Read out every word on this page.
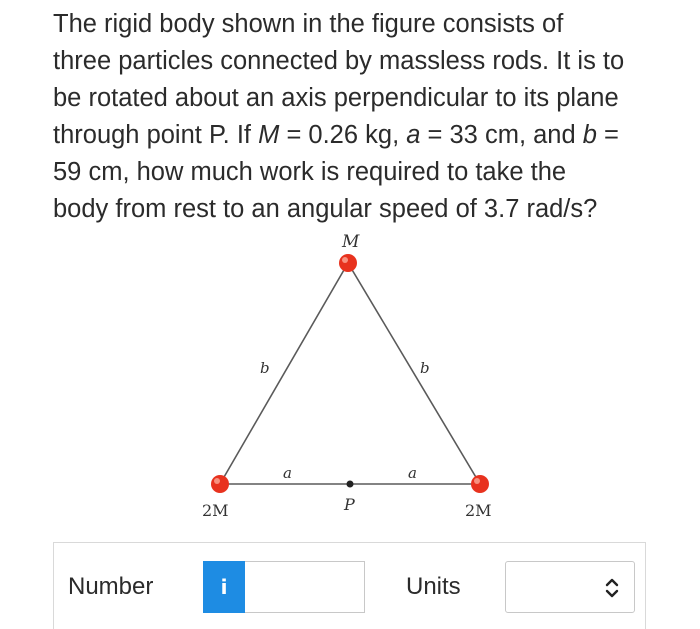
The rigid body shown in the figure consists of
three particles connected by massless rods. It is to
be rotated about an axis perpendicular to its plane
through point P. If M = 0.26 kg, a = 33 cm, and b =
59 cm, how much work is required to take the
body from rest to an angular speed of 3.7 rad/s?
M
b	b
a	a
2M	P	2M
Number	i	Units
